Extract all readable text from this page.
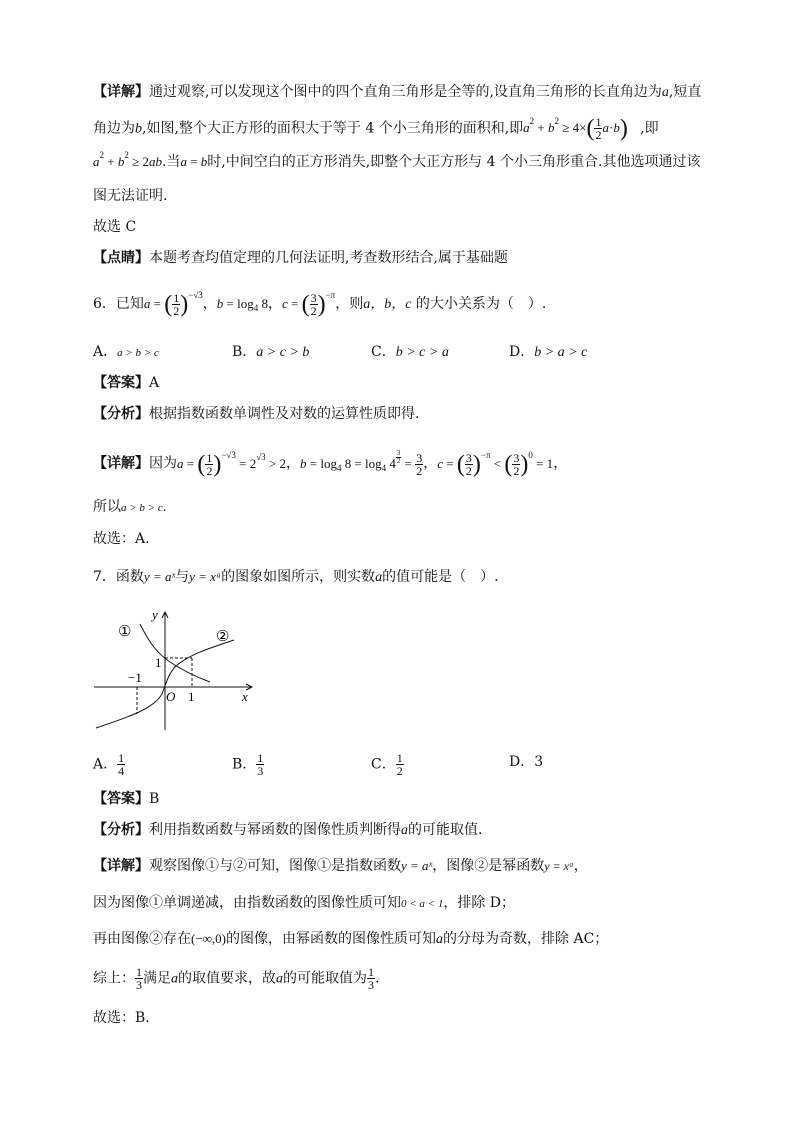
【详解】通过观察,可以发现这个图中的四个直角三角形是全等的,设直角三角形的长直角边为a,短直
角边为b,如图,整个大正方形的面积大于等于 4 个小三角形的面积和,即$a^2 + b^2 \ge 4\times( \frac{1}{2} a\cdot b)$ ,即
$a^2 + b^2 \ge 2ab$.当a = b时,中间空白的正方形消失,即整个大正方形与 4 个小三角形重合.其他选项通过该
图无法证明.
故选 C
【点睛】本题考查均值定理的几何法证明,考查数形结合,属于基础题
6．已知a = ( $\frac{1}{2} )^{-√3}$，$b = \log_4 8$，c = ( $\frac{3}{2} )^{-\pi}$，则a，b，c 的大小关系为（　）.
A．a > b > c	B．a > c > b	C．b > c > a	D．b > a > c
【答案】A
【分析】根据指数函数单调性及对数的运算性质即得.
【详解】因为a = ( $\frac{1}{2} )^{-√3} = 2^{√3} > 2$，$b = \log_4 8 = \log_4 4$ $^{\frac{3}{2}} = \frac{3}{2}$ ，c = ( $\frac{3}{2} )^{-\pi}$ < ( $\frac{3}{2} )^0 = 1$，
所以a > b > c.
故选：A.
7．函数y = aˣ与y = xᵃ的图象如图所示，则实数a的值可能是（　）.
y
x
O
1
1
−1
①	②
A． $\frac{1}{4}$	B． $\frac{1}{3}$	C． $\frac{1}{2}$	D．3
【答案】B
【分析】利用指数函数与幂函数的图像性质判断得a的可能取值.
【详解】观察图像①与②可知，图像①是指数函数y = aˣ，图像②是幂函数y = xᵃ，
因为图像①单调递减，由指数函数的图像性质可知0 < a < 1，排除 D；
再由图像②存在(−∞,0)的图像，由幂函数的图像性质可知a的分母为奇数，排除 AC；
综上： $\frac{1}{3}$ 满足a的取值要求，故a的可能取值为 $\frac{1}{3}$ .
故选：B.
